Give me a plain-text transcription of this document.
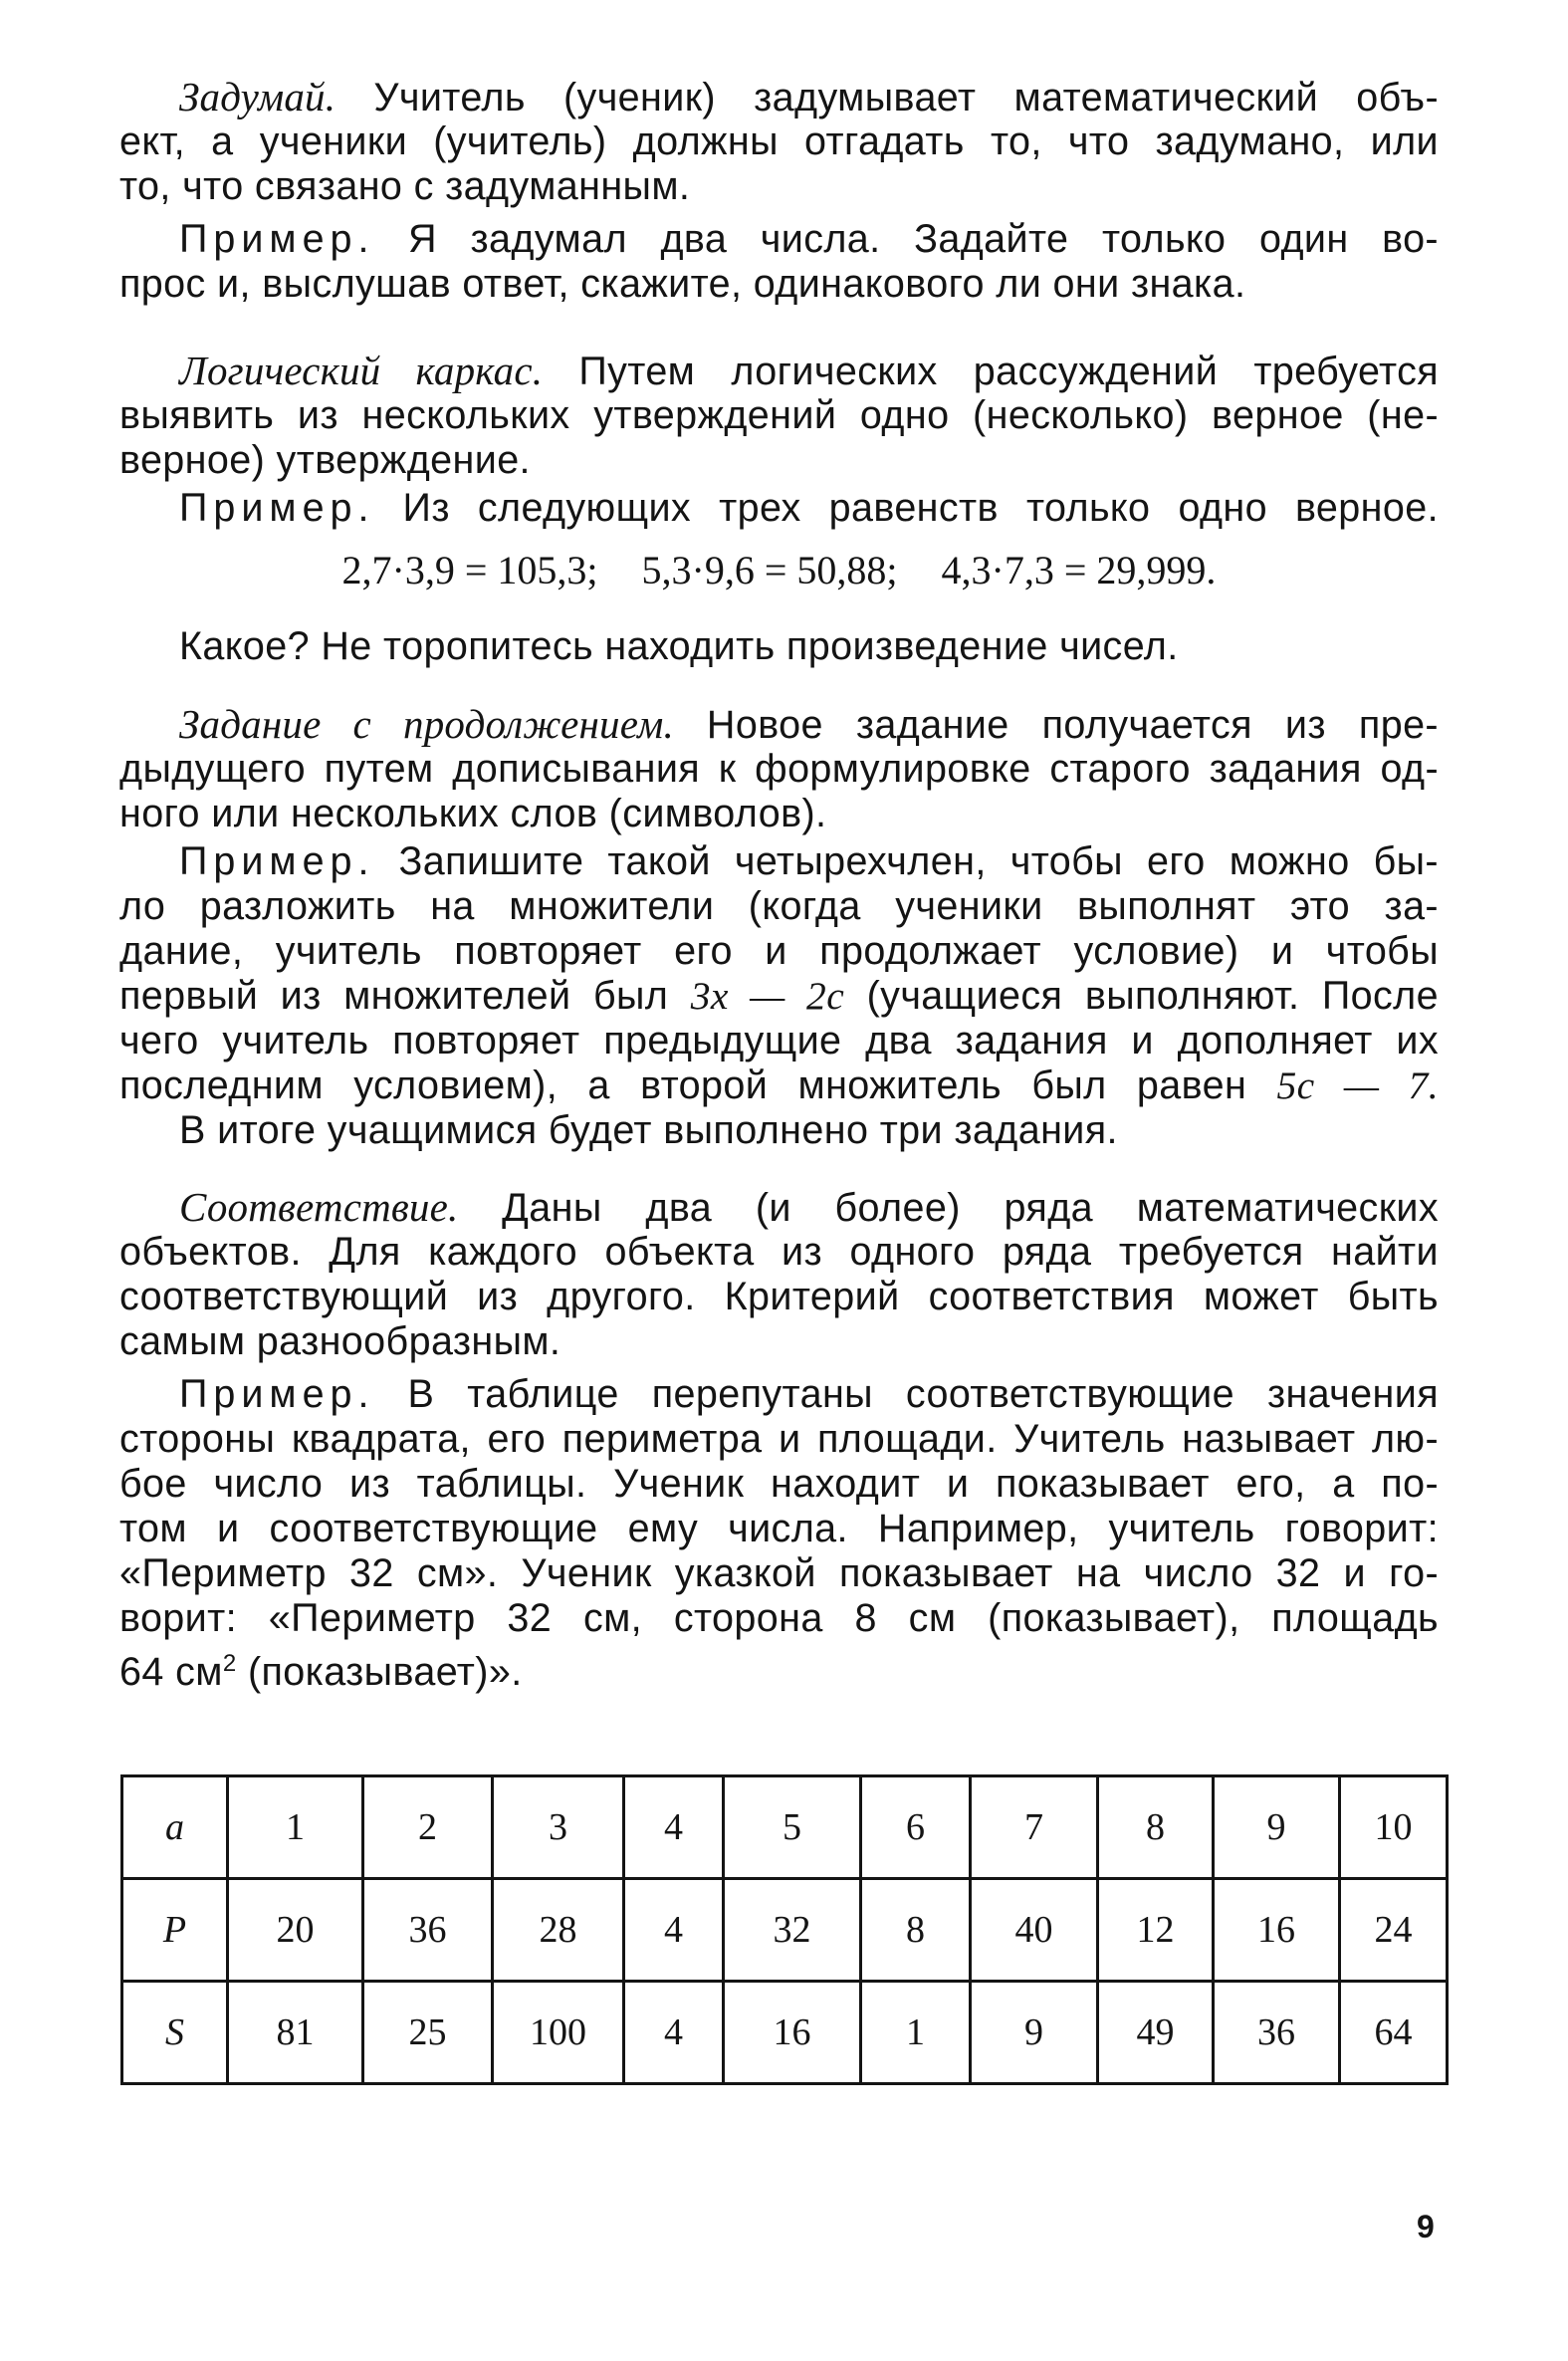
Задумай. Учитель (ученик) задумывает математический объ-
ект, а ученики (учитель) должны отгадать то, что задумано, или
то, что связано с задуманным.
Пример. Я задумал два числа. Задайте только один во-
прос и, выслушав ответ, скажите, одинакового ли они знака.
Логический каркас. Путем логических рассуждений требуется
выявить из нескольких утверждений одно (несколько) верное (не-
верное) утверждение.
Пример. Из следующих трех равенств только одно верное.
2,7·3,9 = 105,3; 5,3·9,6 = 50,88; 4,3·7,3 = 29,999.
Какое? Не торопитесь находить произведение чисел.
Задание с продолжением. Новое задание получается из пре-
дыдущего путем дописывания к формулировке старого задания од-
ного или нескольких слов (символов).
Пример. Запишите такой четырехчлен, чтобы его можно бы-
ло разложить на множители (когда ученики выполнят это за-
дание, учитель повторяет его и продолжает условие) и чтобы
первый из множителей был 3x — 2c (учащиеся выполняют. После
чего учитель повторяет предыдущие два задания и дополняет их
последним условием), а второй множитель был равен 5c — 7.
В итоге учащимися будет выполнено три задания.
Соответствие. Даны два (и более) ряда математических
объектов. Для каждого объекта из одного ряда требуется найти
соответствующий из другого. Критерий соответствия может быть
самым разнообразным.
Пример. В таблице перепутаны соответствующие значения
стороны квадрата, его периметра и площади. Учитель называет лю-
бое число из таблицы. Ученик находит и показывает его, а по-
том и соответствующие ему числа. Например, учитель говорит:
«Периметр 32 см». Ученик указкой показывает на число 32 и го-
ворит: «Периметр 32 см, сторона 8 см (показывает), площадь
64 $см^2$ (показывает)».
a	1	2	3	4	5	6	7	8	9	10
P	20	36	28	4	32	8	40	12	16	24
S	81	25	100	4	16	1	9	49	36	64
9
